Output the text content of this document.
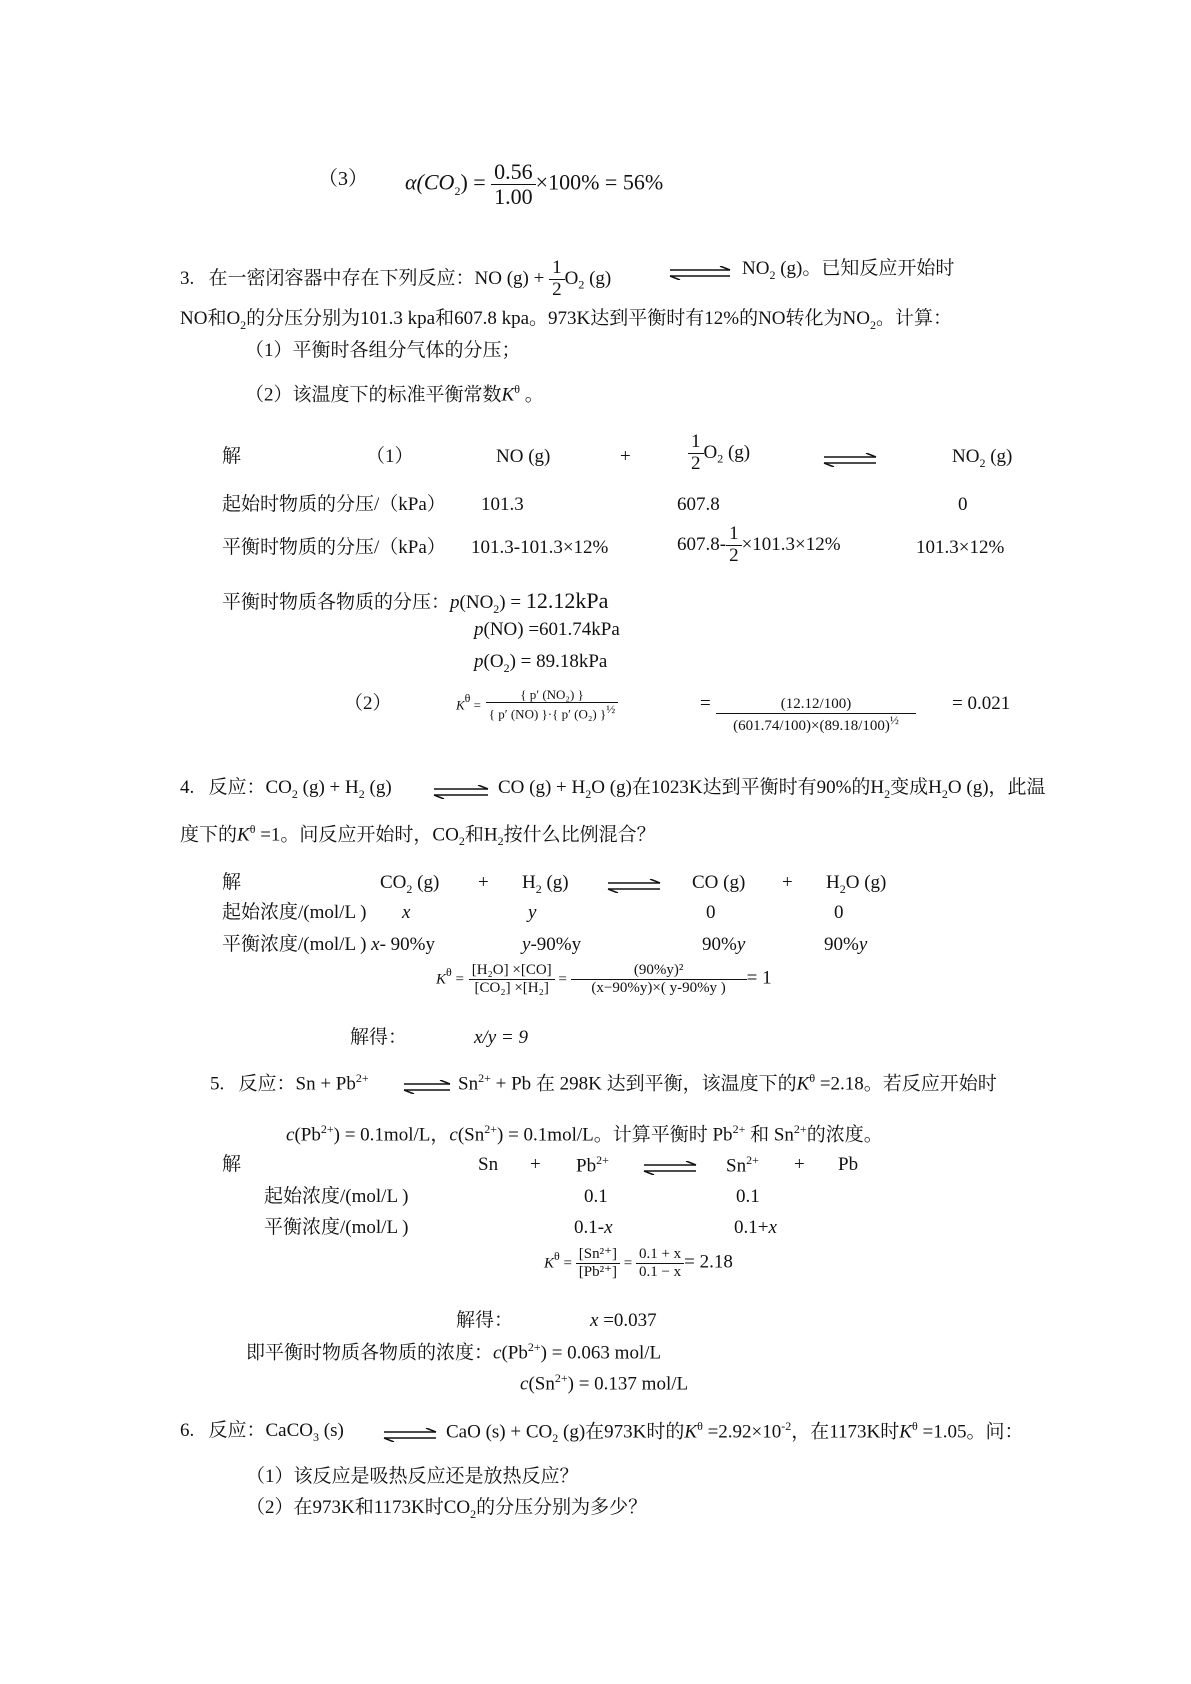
（3） $\alpha(CO_2) = \frac{0.56}{1.00} \times 100\% = 56\%$
3. 在一密闭容器中存在下列反应：NO $(g) + \frac{1}{2} O_2$ (g)	⇌ $NO_2$ (g)。已知反应开始时
NO和$O_2$的分压分别为101.3 kpa和607.8 kpa。973K达到平衡时有12%的NO转化为$NO_2$。计算：
（1）平衡时各组分气体的分压；
（2）该温度下的标准平衡常数$K^\theta$ 。
解	（1）	NO (g)	+	$\frac{1}{2} O_2$ (g)	$NO_2$ (g)
起始时物质的分压/（kPa） 101.3	607.8	0
平衡时物质的分压/（kPa） 101.3-101.3×12%	$607.8- \frac{1}{2} \times 101.3\times 12\%$	101.3×12%
平衡时物质各物质的分压：$p(NO_2) = 12.12kPa$
p(NO) =601.74kPa
$p(O_2) = 89.18kPa$
（2）	$K^\theta = \frac{\text{\{ p′ (NO₂) \}}}{\{ p' (NO) \}\cdot\{ p' (O_2) \}^{\frac{1}{2}}}$	= $\frac{(12.12/100)}{(601.74/100)\times(89.18/100)^{\frac{1}{2}}} = 0.021$
4. 反应：$CO_2$ $(g) + H_2$ (g) ⇌ CO $(g) + H_2O$ (g)在1023K达到平衡时有90%的$H_2$变成$H_2O$ (g)，此温
度下的$K^\theta =1$。问反应开始时，$CO_2$和$H_2$按什么比例混合？
解	$CO_2$ $(g) + H_2$ (g)	CO $(g) + H_2O$ (g)
起始浓度/(mol/L ) x	y	0	0
平衡浓度/(mol/L ) x- 90%y	y-90%y	90%y	90%y
$K^\theta = \frac{\text{[H₂O] ×[CO]}}{\text{[CO₂] ×[H₂]}} = \frac{\text{(90\%y)²}}{(x-90\%y)\times( y-90\%y )} = 1$
解得：	x/y = 9
5. 反应：$Sn + Pb^{2+}$ ⇌ $Sn^{2+} + Pb$ 在 298K 达到平衡，该温度下的$K^\theta =2.18$。若反应开始时
$c(Pb^{2+}) = 0.1mol/L$，$c(Sn^{2+}) = 0.1mol/L$。计算平衡时 $Pb^{2+}$ 和 $Sn^{2+}$的浓度。
解	$Sn + Pb^{2+}$ ⇌ $Sn^{2+} + Pb$
起始浓度/(mol/L )	0.1	0.1
平衡浓度/(mol/L )	0.1-x	0.1+x
$K^\theta = \frac{\text{[Sn²⁺]}}{\text{[Pb²⁺]}} = \frac{0.1 + x}{0.1 - x} = 2.18$
解得：	x =0.037
即平衡时物质各物质的浓度：$c(Pb^{2+}) = 0.063$ mol/L
$c(Sn^{2+}) = 0.137$ mol/L
6. 反应：CaCO$_3$ (s) ⇌ CaO $(s) + CO_2$ (g)在973K时的$K^\theta =2.92\times 10^{-2}$，在1173K时$K^\theta =1.05$。问：
（1）该反应是吸热反应还是放热反应？
（2）在973K和1173K时$CO_2$的分压分别为多少？
